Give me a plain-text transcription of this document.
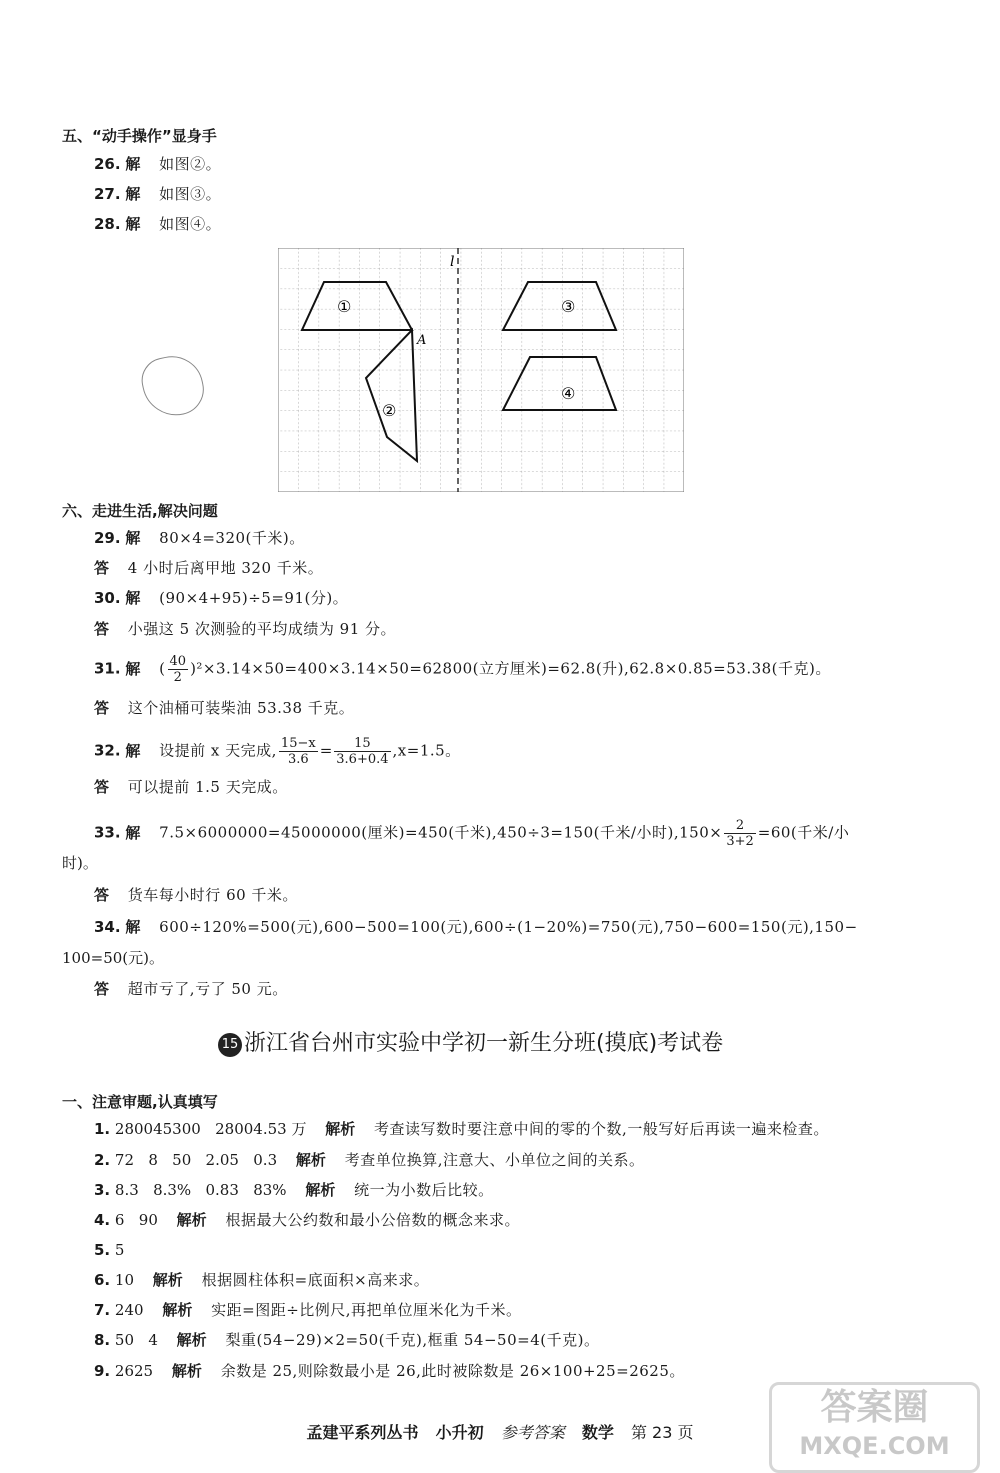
五、“动手操作”显身手
26. 解 如图②。
27. 解 如图③。
28. 解 如图④。
l
A
①
②
③
④
六、走进生活,解决问题
29. 解 80×4=320(千米)。
答 4 小时后离甲地 320 千米。
30. 解 (90×4+95)÷5=91(分)。
答 小强这 5 次测验的平均成绩为 91 分。
31. 解 ( $\frac{40}{2} )^2\times 3.14\times 50=400\times 3.14\times 50=62800$(立方厘米)=62.8(升),62.8×0.85=53.38(千克)。
答 这个油桶可装柴油 53.38 千克。
32. 解 设提前 x 天完成, $\frac{15-x}{3.6} = \frac{15}{3.6+0.4} ,x=1.5$。
答 可以提前 1.5 天完成。
33. 解 7.5×6000000=45000000(厘米)=450(千米),450÷3=150(千米/小时)$,150\times \frac{2}{3+2} =60$(千米/小
时)。
答 货车每小时行 60 千米。
34. 解 600÷120%=500(元),600−500=100(元),600÷(1−20%)=750(元),750−600=150(元),150−
100=50(元)。
答 超市亏了,亏了 50 元。
15 浙江省台州市实验中学初一新生分班(摸底)考试卷
一、注意审题,认真填写
1. 280045300   28004.53 万 解析 考查读写数时要注意中间的零的个数,一般写好后再读一遍来检查。
2. 72   8   50   2.05   0.3 解析 考查单位换算,注意大、小单位之间的关系。
3. 8.3   8.3%   0.83   83% 解析 统一为小数后比较。
4. 6   90 解析 根据最大公约数和最小公倍数的概念来求。
5. 5
6. 10 解析 根据圆柱体积=底面积×高来求。
7. 240 解析 实距=图距÷比例尺,再把单位厘米化为千米。
8. 50   4 解析 梨重(54−29)×2=50(千克),框重 54−50=4(千克)。
9. 2625 解析 余数是 25,则除数最小是 26,此时被除数是 26×100+25=2625。
孟建平系列丛书 小升初 参考答案 数学 第 23 页
答案圈
MXQE.COM
